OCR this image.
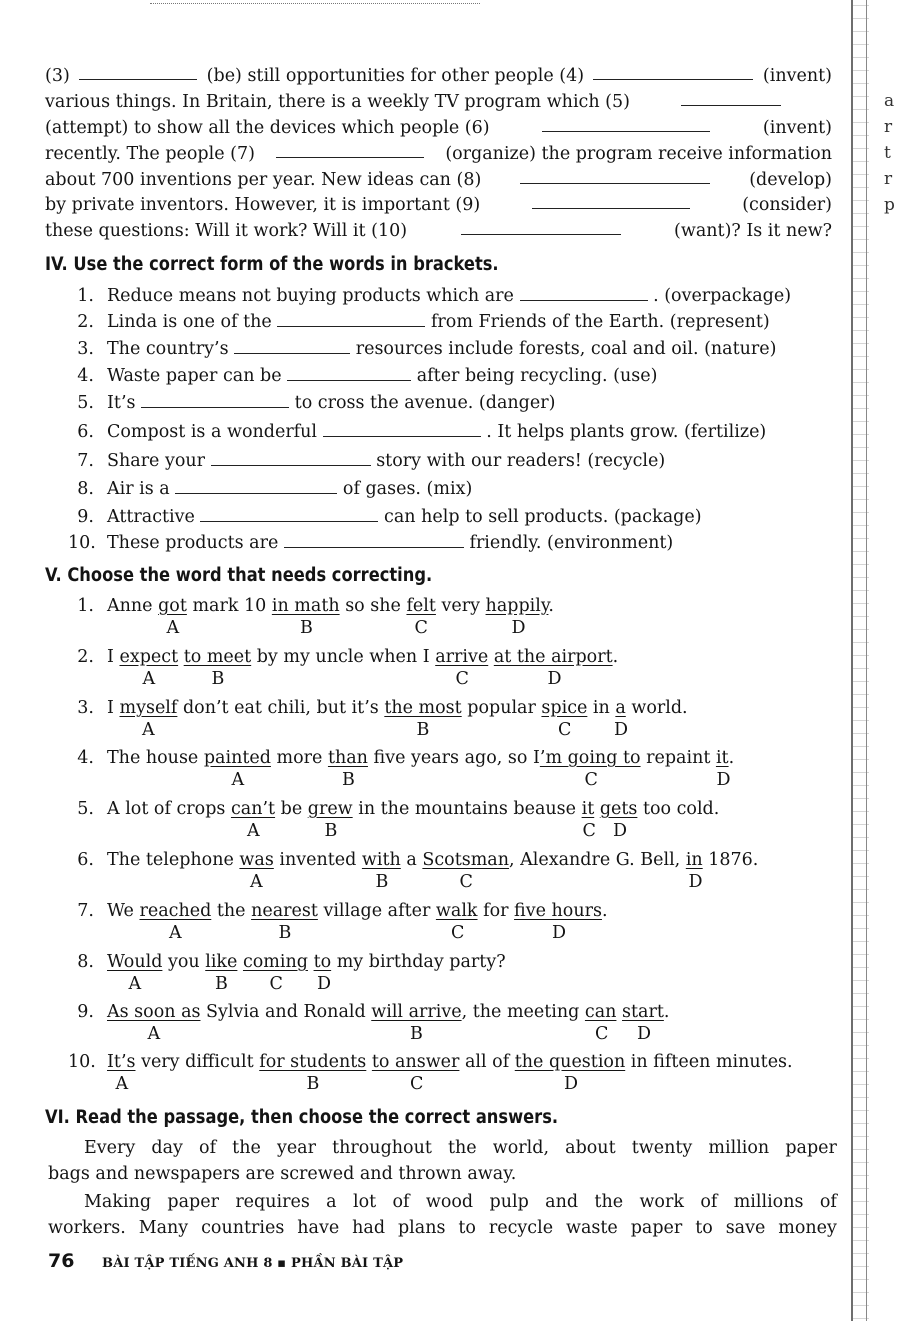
a
r
t
r
p
(3)	(be) still opportunities for other people (4)	(invent)
various things. In Britain, there is a weekly TV program which (5)
(attempt) to show all the devices which people (6)	(invent)
recently. The people (7)	(organize) the program receive information
about 700 inventions per year. New ideas can (8)	(develop)
by private inventors. However, it is important (9)	(consider)
these questions: Will it work? Will it (10)	(want)? Is it new?
IV. Use the correct form of the words in brackets.
1. Reduce means not buying products which are	. (overpackage)
2. Linda is one of the	from Friends of the Earth. (represent)
3. The country’s	resources include forests, coal and oil. (nature)
4. Waste paper can be	after being recycling. (use)
5. It’s	to cross the avenue. (danger)
6. Compost is a wonderful	. It helps plants grow. (fertilize)
7. Share your	story with our readers! (recycle)
8. Air is a	of gases. (mix)
9. Attractive	can help to sell products. (package)
10. These products are	friendly. (environment)
V. Choose the word that needs correcting.
1. Anne got mark 10 in math so she felt very happily.
A	B	C	D
2. I expect to meet by my uncle when I arrive at the airport.
A	B	C	D
3. I myself don’t eat chili, but it’s the most popular spice in a world.
A	B	C D
4. The house painted more than five years ago, so I’m going to repaint it.
A	B	C	D
5. A lot of crops can’t be grew in the mountains beause it gets too cold.
A	B	C D
6. The telephone was invented with a Scotsman, Alexandre G. Bell, in 1876.
A	B	C	D
7. We reached the nearest village after walk for five hours.
A	B	C	D
8. Would you like coming to my birthday party?
A	B C D
9. As soon as Sylvia and Ronald will arrive, the meeting can start.
A	B	C D
10. It’s very difficult for students to answer all of the question in fifteen minutes.
A	B	C	D
VI. Read the passage, then choose the correct answers.
Every day of the year throughout the world, about twenty million paper
bags and newspapers are screwed and thrown away.
Making paper requires a lot of wood pulp and the work of millions of
workers. Many countries have had plans to recycle waste paper to save money
76 BÀI TẬP TIẾNG ANH 8 ▪ PHẦN BÀI TẬP
